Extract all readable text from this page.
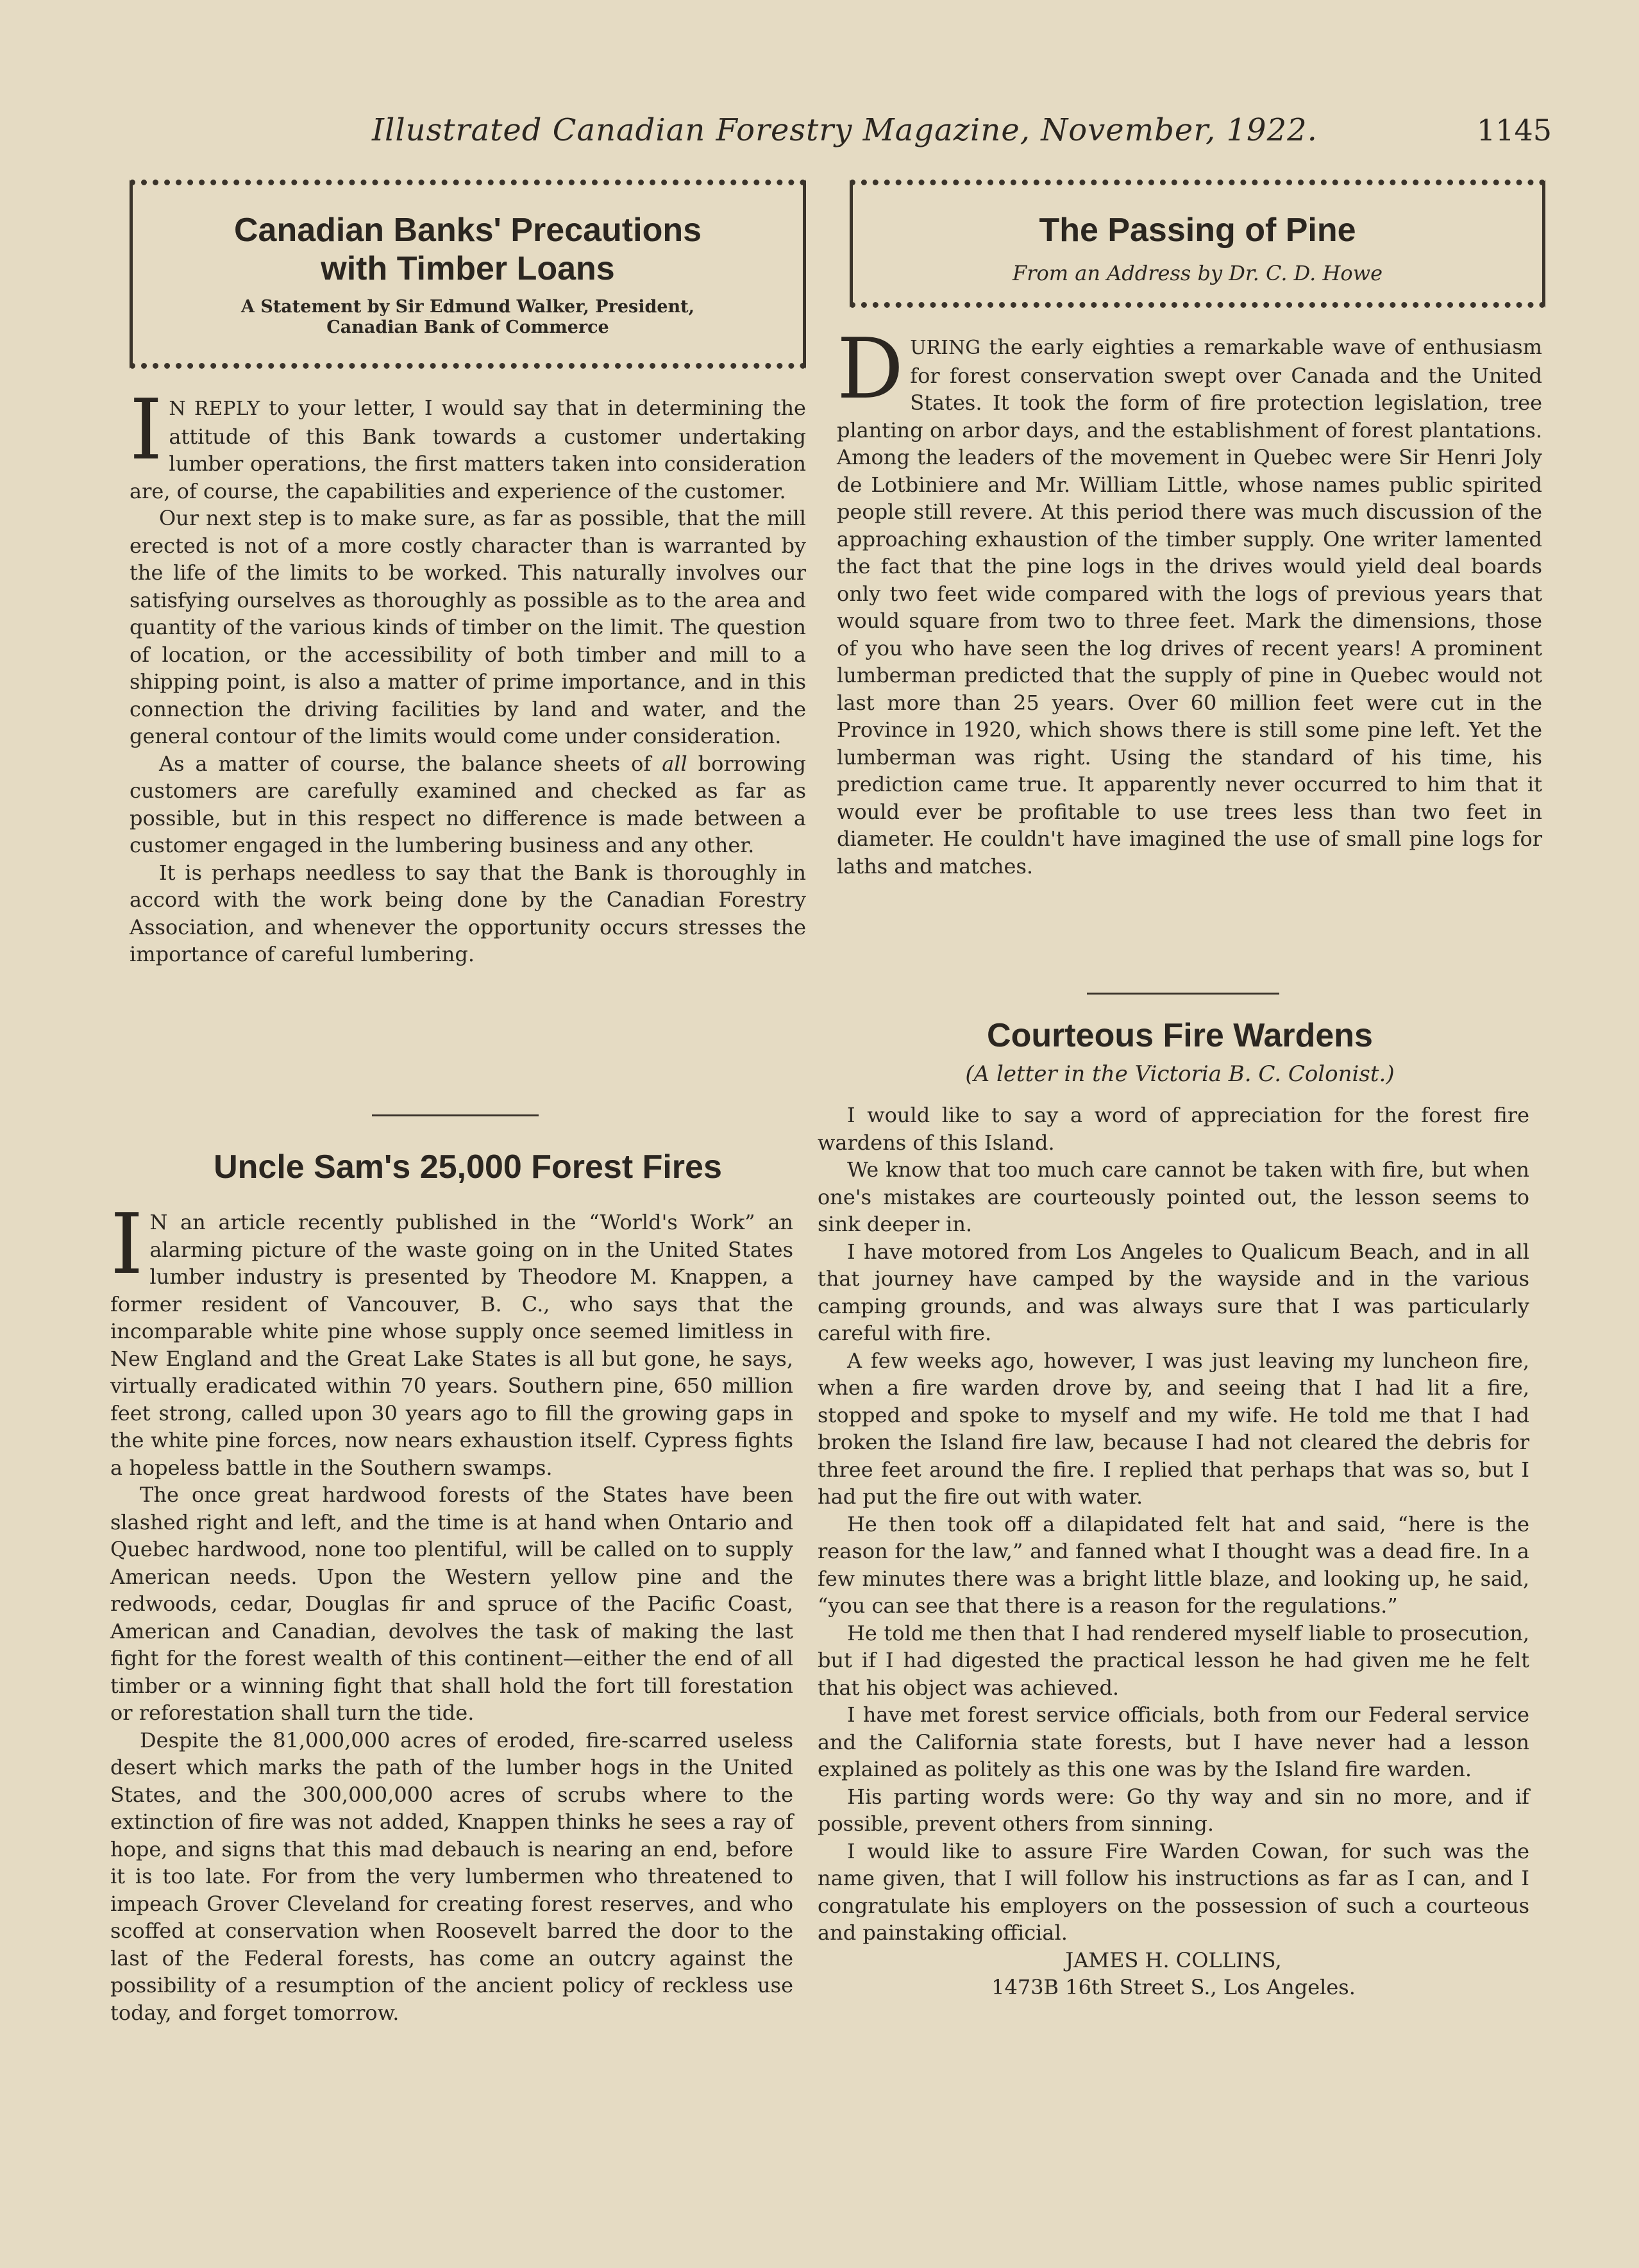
Illustrated Canadian Forestry Magazine, November, 1922.	1145
Canadian Banks' Precautions
with Timber Loans
A Statement by Sir Edmund Walker, President,
Canadian Bank of Commerce

I N REPLY to your letter, I would say that in determining the attitude of this Bank towards a customer undertaking lumber operations, the first matters taken into consideration are, of course, the capabilities and experience of the customer.

Our next step is to make sure, as far as possible, that the mill erected is not of a more costly character than is warranted by the life of the limits to be worked. This naturally involves our satisfying ourselves as thoroughly as possible as to the area and quantity of the various kinds of timber on the limit. The question of location, or the accessibility of both timber and mill to a shipping point, is also a matter of prime importance, and in this connection the driving facilities by land and water, and the general contour of the limits would come under consideration.

As a matter of course, the balance sheets of all borrowing customers are carefully examined and checked as far as possible, but in this respect no difference is made between a customer engaged in the lumbering business and any other.

It is perhaps needless to say that the Bank is thoroughly in accord with the work being done by the Canadian Forestry Association, and whenever the opportunity occurs stresses the importance of careful lumbering.

Uncle Sam's 25,000 Forest Fires

I N an article recently published in the “World's Work” an alarming picture of the waste going on in the United States lumber industry is presented by Theodore M. Knappen, a former resident of Vancouver, B. C., who says that the incomparable white pine whose supply once seemed limitless in New England and the Great Lake States is all but gone, he says, virtually eradicated within 70 years. Southern pine, 650 million feet strong, called upon 30 years ago to fill the growing gaps in the white pine forces, now nears exhaustion itself. Cypress fights a hopeless battle in the Southern swamps.

The once great hardwood forests of the States have been slashed right and left, and the time is at hand when Ontario and Quebec hardwood, none too plentiful, will be called on to supply American needs. Upon the Western yellow pine and the redwoods, cedar, Douglas fir and spruce of the Pacific Coast, American and Canadian, devolves the task of making the last fight for the forest wealth of this continent—either the end of all timber or a winning fight that shall hold the fort till forestation or reforestation shall turn the tide.

Despite the 81,000,000 acres of eroded, fire-scarred useless desert which marks the path of the lumber hogs in the United States, and the 300,000,000 acres of scrubs where to the extinction of fire was not added, Knappen thinks he sees a ray of hope, and signs that this mad debauch is nearing an end, before it is too late. For from the very lumbermen who threatened to impeach Grover Cleveland for creating forest reserves, and who scoffed at conservation when Roosevelt barred the door to the last of the Federal forests, has come an outcry against the possibility of a resumption of the ancient policy of reckless use today, and forget tomorrow.

The Passing of Pine
From an Address by Dr. C. D. Howe

DURING the early eighties a remarkable wave of enthusiasm for forest conservation swept over Canada and the United States. It took the form of fire protection legislation, tree planting on arbor days, and the establishment of forest plantations. Among the leaders of the movement in Quebec were Sir Henri Joly de Lotbiniere and Mr. William Little, whose names public spirited people still revere. At this period there was much discussion of the approaching exhaustion of the timber supply. One writer lamented the fact that the pine logs in the drives would yield deal boards only two feet wide compared with the logs of previous years that would square from two to three feet. Mark the dimensions, those of you who have seen the log drives of recent years! A prominent lumberman predicted that the supply of pine in Quebec would not last more than 25 years. Over 60 million feet were cut in the Province in 1920, which shows there is still some pine left. Yet the lumberman was right. Using the standard of his time, his prediction came true. It apparently never occurred to him that it would ever be profitable to use trees less than two feet in diameter. He couldn't have imagined the use of small pine logs for laths and matches.

Courteous Fire Wardens
(A letter in the Victoria B. C. Colonist.)

I would like to say a word of appreciation for the forest fire wardens of this Island.

We know that too much care cannot be taken with fire, but when one's mistakes are courteously pointed out, the lesson seems to sink deeper in.

I have motored from Los Angeles to Qualicum Beach, and in all that journey have camped by the wayside and in the various camping grounds, and was always sure that I was particularly careful with fire.

A few weeks ago, however, I was just leaving my luncheon fire, when a fire warden drove by, and seeing that I had lit a fire, stopped and spoke to myself and my wife. He told me that I had broken the Island fire law, because I had not cleared the debris for three feet around the fire. I replied that perhaps that was so, but I had put the fire out with water.

He then took off a dilapidated felt hat and said, “here is the reason for the law,” and fanned what I thought was a dead fire. In a few minutes there was a bright little blaze, and looking up, he said, “you can see that there is a reason for the regulations.”

He told me then that I had rendered myself liable to prosecution, but if I had digested the practical lesson he had given me he felt that his object was achieved.

I have met forest service officials, both from our Federal service and the California state forests, but I have never had a lesson explained as politely as this one was by the Island fire warden.

His parting words were: Go thy way and sin no more, and if possible, prevent others from sinning.

I would like to assure Fire Warden Cowan, for such was the name given, that I will follow his instructions as far as I can, and I congratulate his employers on the possession of such a courteous and painstaking official.

JAMES H. COLLINS,

1473B 16th Street S., Los Angeles.
